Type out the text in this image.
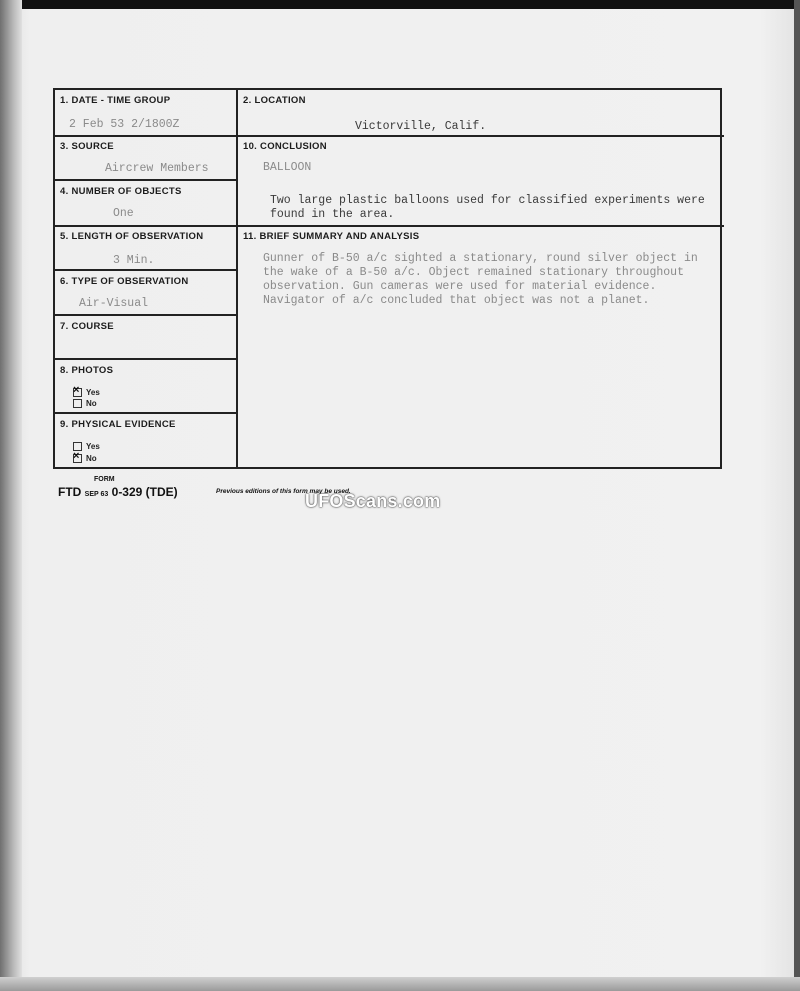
1. DATE - TIME GROUP
2 Feb 53 2/1800Z
2. LOCATION
Victorville, Calif.
3. SOURCE
Aircrew Members
10. CONCLUSION
BALLOON
Two large plastic balloons used for classified experiments were found in the area.
4. NUMBER OF OBJECTS
One
5. LENGTH OF OBSERVATION
3 Min.
11. BRIEF SUMMARY AND ANALYSIS
Gunner of B-50 a/c sighted a stationary, round silver object in the wake of a B-50 a/c. Object remained stationary throughout observation. Gun cameras were used for material evidence. Navigator of a/c concluded that object was not a planet.
6. TYPE OF OBSERVATION
Air-Visual
7. COURSE
8. PHOTOS
×Yes
No
9. PHYSICAL EVIDENCE
Yes
×No
FORM
FTD SEP 63 0-329 (TDE)	Previous editions of this form may be used.
UFOScans.com
